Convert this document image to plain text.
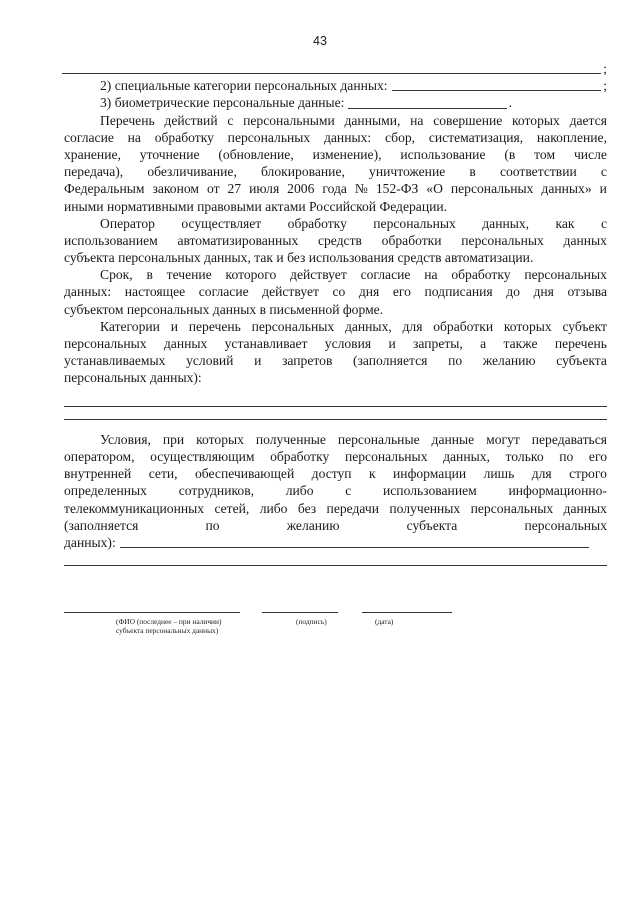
43
;
2) специальные категории персональных данных:	;
3) биометрические персональные данные:	.
Перечень действий с персональными данными, на совершение которых дается
согласие на обработку персональных данных: сбор, систематизация, накопление,
хранение, уточнение (обновление, изменение), использование (в том числе
передача), обезличивание, блокирование, уничтожение в соответствии с
Федеральным законом от 27 июля 2006 года № 152-ФЗ «О персональных данных» и
иными нормативными правовыми актами Российской Федерации.
Оператор осуществляет обработку персональных данных, как с
использованием автоматизированных средств обработки персональных данных
субъекта персональных данных, так и без использования средств автоматизации.
Срок, в течение которого действует согласие на обработку персональных
данных: настоящее согласие действует со дня его подписания до дня отзыва
субъектом персональных данных в письменной форме.
Категории и перечень персональных данных, для обработки которых субъект
персональных данных устанавливает условия и запреты, а также перечень
устанавливаемых условий и запретов (заполняется по желанию субъекта
персональных данных):
Условия, при которых полученные персональные данные могут передаваться
оператором, осуществляющим обработку персональных данных, только по его
внутренней сети, обеспечивающей доступ к информации лишь для строго
определенных сотрудников, либо с использованием информационно-
телекоммуникационных сетей, либо без передачи полученных персональных данных
(заполняется	по	желанию	субъекта	персональных
данных):
(ФИО (последнее – при наличии)
субъекта персональных данных)
(подпись)	(дата)
